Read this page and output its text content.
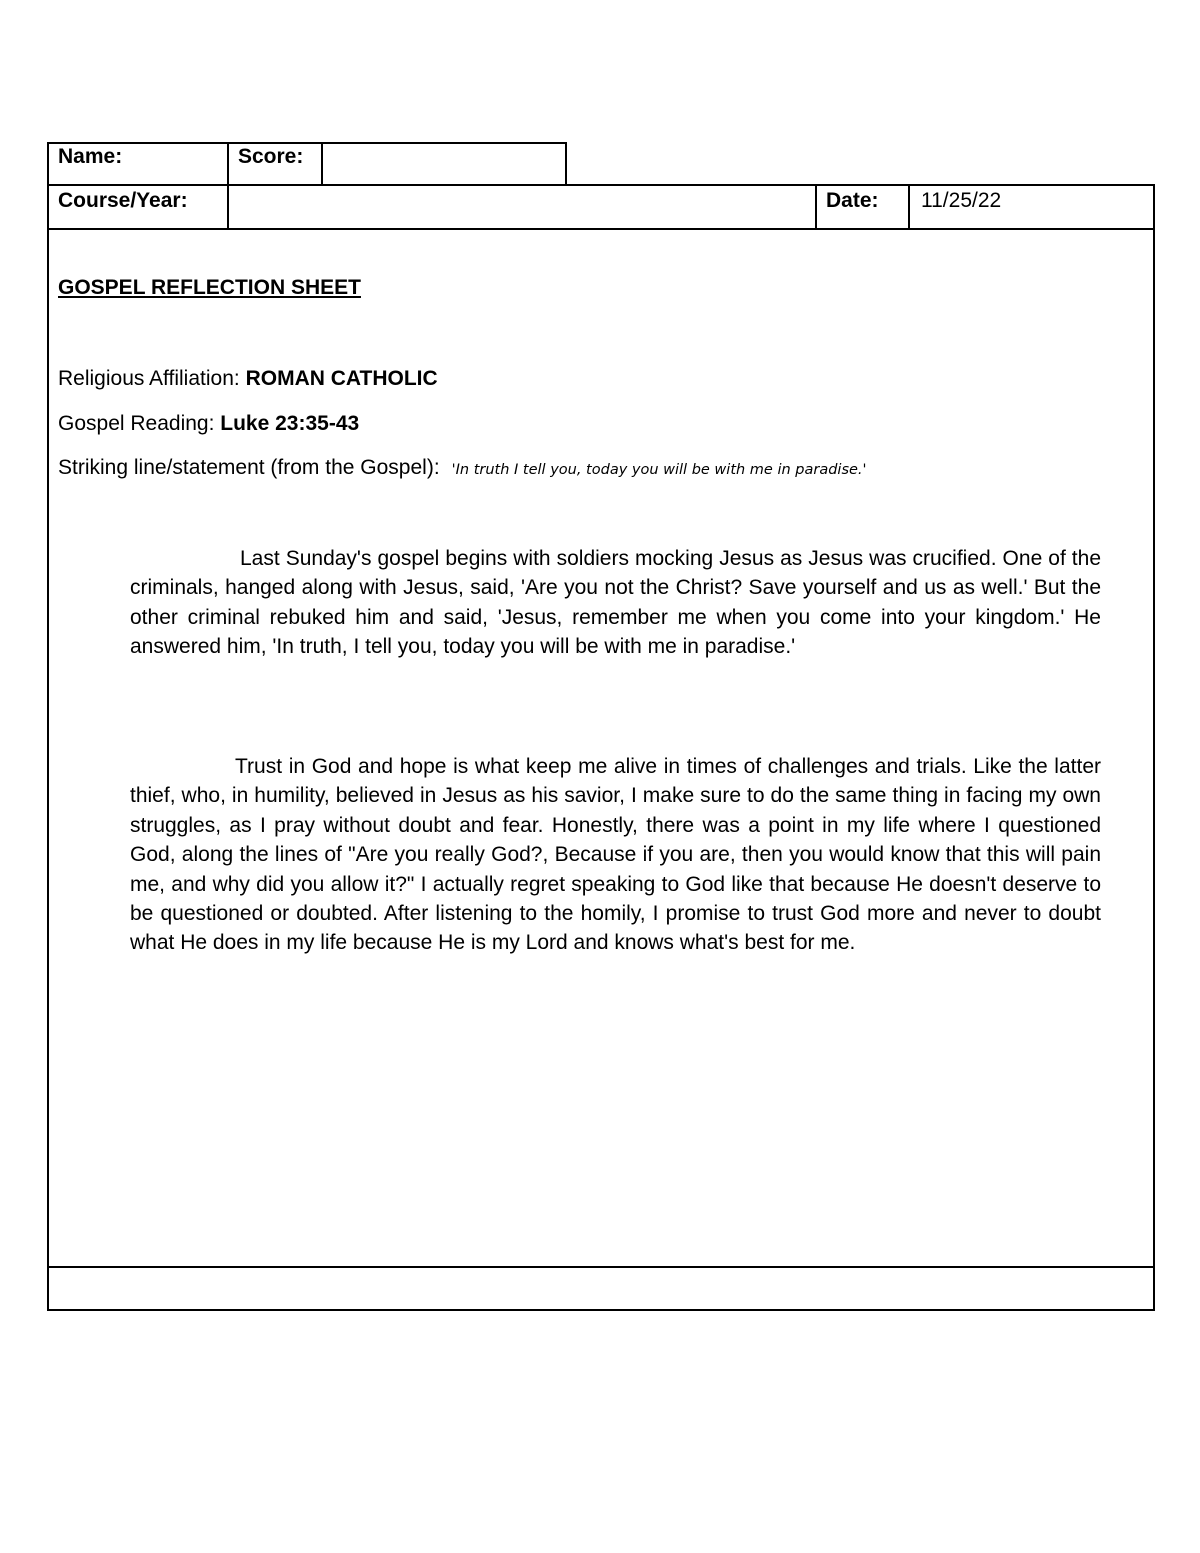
Name:	Score:
Course/Year:	Date: 11/25/22
GOSPEL REFLECTION SHEET
Religious Affiliation: ROMAN CATHOLIC
Gospel Reading: Luke 23:35-43
Striking line/statement (from the Gospel): 'In truth I tell you, today you will be with me in paradise.'

Last Sunday's gospel begins with soldiers mocking Jesus as Jesus was crucified. One of the criminals, hanged along with Jesus, said, 'Are you not the Christ? Save yourself and us as well.' But the other criminal rebuked him and said, 'Jesus, remember me when you come into your kingdom.' He answered him, 'In truth, I tell you, today you will be with me in paradise.'

Trust in God and hope is what keep me alive in times of challenges and trials. Like the latter thief, who, in humility, believed in Jesus as his savior, I make sure to do the same thing in facing my own struggles, as I pray without doubt and fear. Honestly, there was a point in my life where I questioned God, along the lines of "Are you really God?, Because if you are, then you would know that this will pain me, and why did you allow it?" I actually regret speaking to God like that because He doesn't deserve to be questioned or doubted. After listening to the homily, I promise to trust God more and never to doubt what He does in my life because He is my Lord and knows what's best for me.
